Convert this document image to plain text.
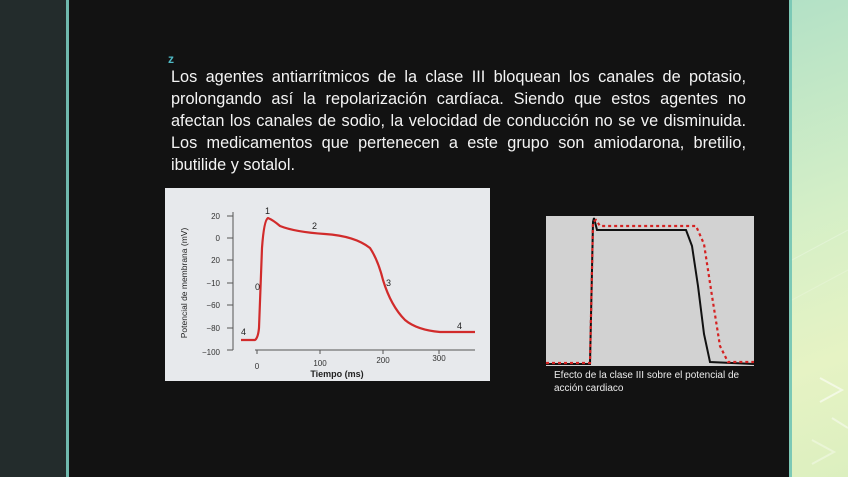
z

Los agentes antiarrítmicos de la clase III bloquean los canales de potasio, prolongando así la repolarización cardíaca. Siendo que estos agentes no afectan los canales de sodio, la velocidad de conducción no se ve disminuida. Los medicamentos que pertenecen a este grupo son amiodarona, bretilio, ibutilide y sotalol.

20
0
20
−10
−60
−80
−100
0	100	200	300
Tiempo (ms)
Potencial de membrana (mV)	0
1
2
3
4
4

Efecto de la clase III sobre el potencial de acción cardiaco
